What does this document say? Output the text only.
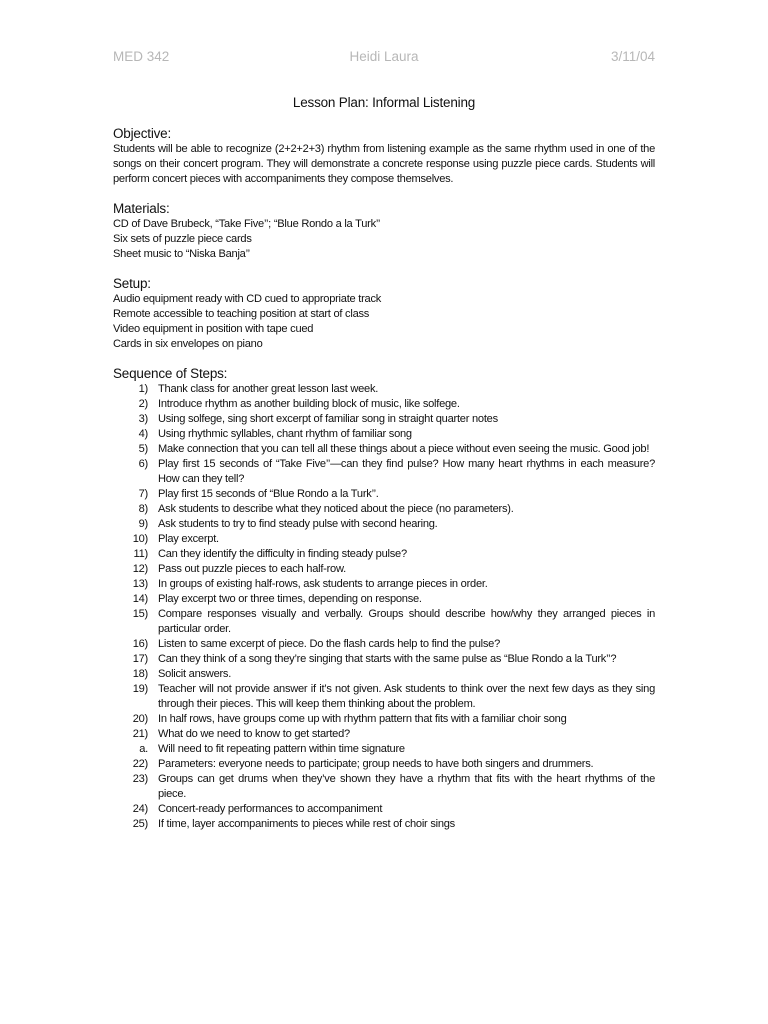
MED 342	Heidi Laura	3/11/04
Lesson Plan: Informal Listening
Objective:

Students will be able to recognize (2+2+2+3) rhythm from listening example as the same rhythm used in one of the songs on their concert program. They will demonstrate a concrete response using puzzle piece cards. Students will perform concert pieces with accompaniments they compose themselves.

Materials:
CD of Dave Brubeck, “Take Five’’; “Blue Rondo a la Turk’’
Six sets of puzzle piece cards
Sheet music to “Niska Banja’’
Setup:
Audio equipment ready with CD cued to appropriate track
Remote accessible to teaching position at start of class
Video equipment in position with tape cued
Cards in six envelopes on piano
Sequence of Steps:
1) Thank class for another great lesson last week.
2) Introduce rhythm as another building block of music, like solfege.
3) Using solfege, sing short excerpt of familiar song in straight quarter notes
4) Using rhythmic syllables, chant rhythm of familiar song
5) Make connection that you can tell all these things about a piece without even seeing the music. Good job!
6) Play first 15 seconds of “Take Five’’—can they find pulse? How many heart rhythms in each measure? How can they tell?
7) Play first 15 seconds of “Blue Rondo a la Turk’’.
8) Ask students to describe what they noticed about the piece (no parameters).
9) Ask students to try to find steady pulse with second hearing.
10) Play excerpt.
11) Can they identify the difficulty in finding steady pulse?
12) Pass out puzzle pieces to each half-row.
13) In groups of existing half-rows, ask students to arrange pieces in order.
14) Play excerpt two or three times, depending on response.
15) Compare responses visually and verbally. Groups should describe how/why they arranged pieces in particular order.
16) Listen to same excerpt of piece. Do the flash cards help to find the pulse?
17) Can they think of a song they’re singing that starts with the same pulse as “Blue Rondo a la Turk’’?
18) Solicit answers.
19) Teacher will not provide answer if it’s not given. Ask students to think over the next few days as they sing through their pieces. This will keep them thinking about the problem.
20) In half rows, have groups come up with rhythm pattern that fits with a familiar choir song
21) What do we need to know to get started?
a. Will need to fit repeating pattern within time signature
22) Parameters: everyone needs to participate; group needs to have both singers and drummers.
23) Groups can get drums when they’ve shown they have a rhythm that fits with the heart rhythms of the piece.
24) Concert-ready performances to accompaniment
25) If time, layer accompaniments to pieces while rest of choir sings
